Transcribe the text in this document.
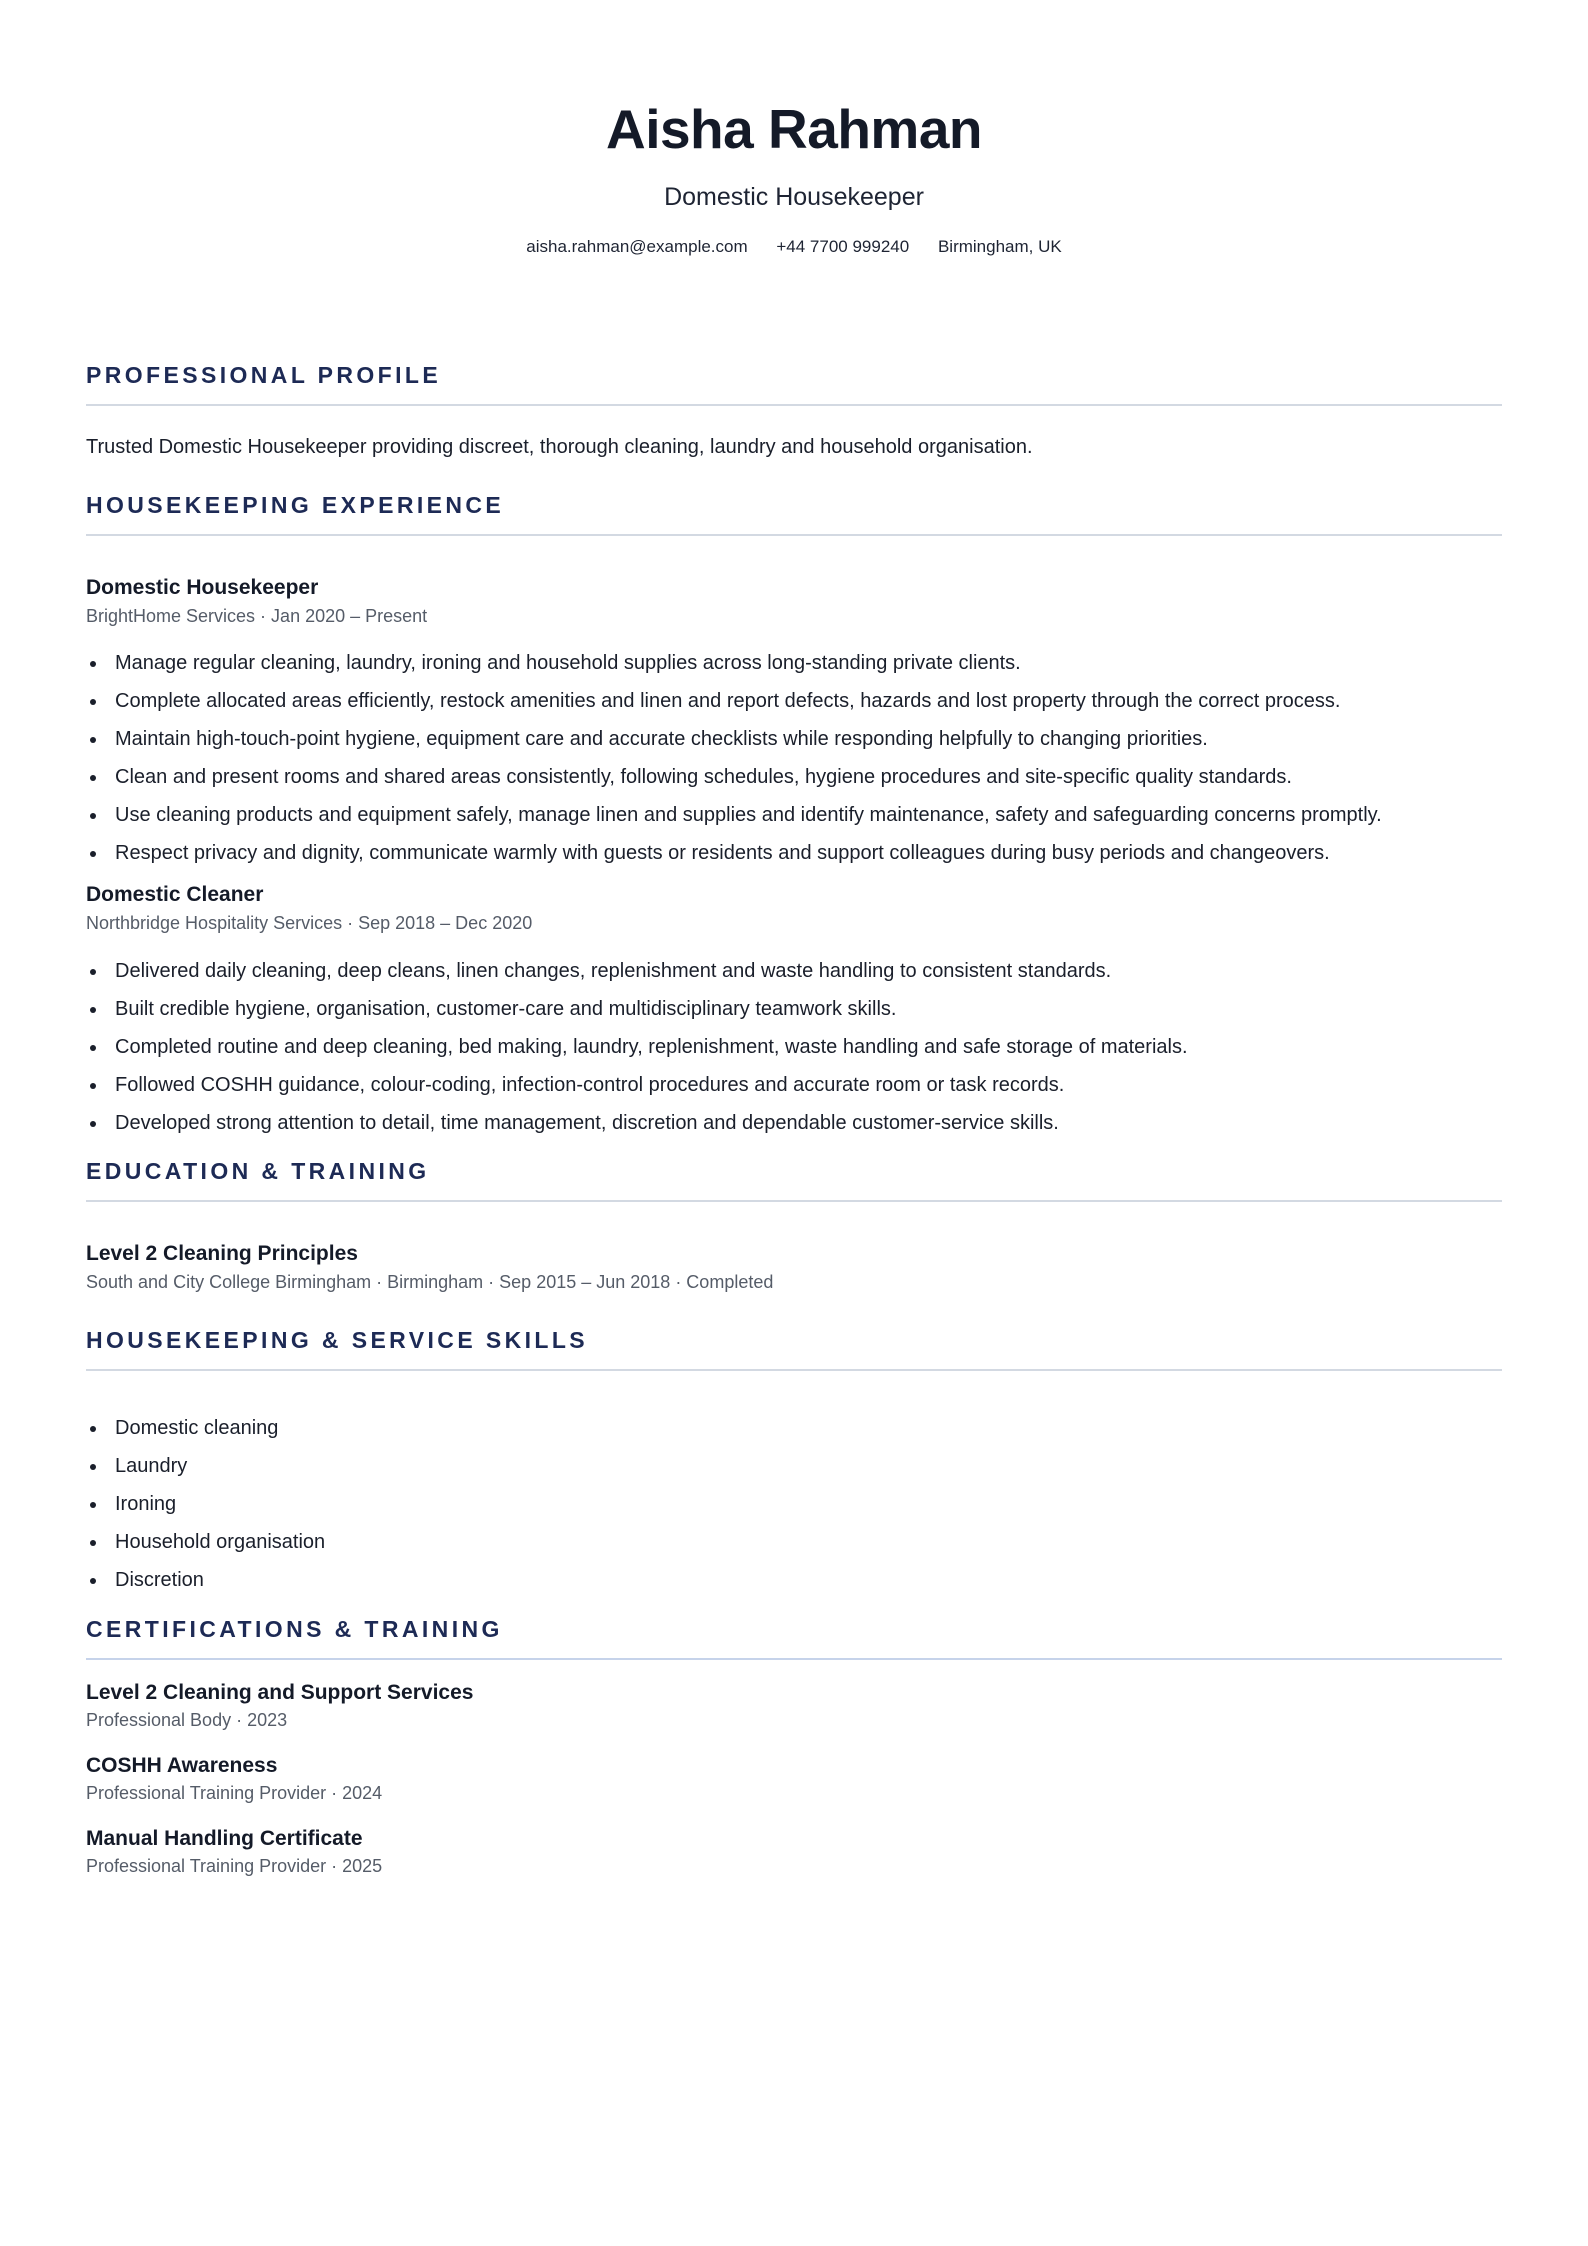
Aisha Rahman
Domestic Housekeeper
aisha.rahman@example.com +44 7700 999240 Birmingham, UK
PROFESSIONAL PROFILE
Trusted Domestic Housekeeper providing discreet, thorough cleaning, laundry and household organisation.
HOUSEKEEPING EXPERIENCE
Domestic Housekeeper
BrightHome Services · Jan 2020 – Present
Manage regular cleaning, laundry, ironing and household supplies across long-standing private clients.
Complete allocated areas efficiently, restock amenities and linen and report defects, hazards and lost property through the correct process.
Maintain high-touch-point hygiene, equipment care and accurate checklists while responding helpfully to changing priorities.
Clean and present rooms and shared areas consistently, following schedules, hygiene procedures and site-specific quality standards.
Use cleaning products and equipment safely, manage linen and supplies and identify maintenance, safety and safeguarding concerns promptly.
Respect privacy and dignity, communicate warmly with guests or residents and support colleagues during busy periods and changeovers.
Domestic Cleaner
Northbridge Hospitality Services · Sep 2018 – Dec 2020
Delivered daily cleaning, deep cleans, linen changes, replenishment and waste handling to consistent standards.
Built credible hygiene, organisation, customer-care and multidisciplinary teamwork skills.
Completed routine and deep cleaning, bed making, laundry, replenishment, waste handling and safe storage of materials.
Followed COSHH guidance, colour-coding, infection-control procedures and accurate room or task records.
Developed strong attention to detail, time management, discretion and dependable customer-service skills.
EDUCATION & TRAINING
Level 2 Cleaning Principles
South and City College Birmingham · Birmingham · Sep 2015 – Jun 2018 · Completed
HOUSEKEEPING & SERVICE SKILLS
Domestic cleaning
Laundry
Ironing
Household organisation
Discretion
CERTIFICATIONS & TRAINING
Level 2 Cleaning and Support Services
Professional Body · 2023
COSHH Awareness
Professional Training Provider · 2024
Manual Handling Certificate
Professional Training Provider · 2025
